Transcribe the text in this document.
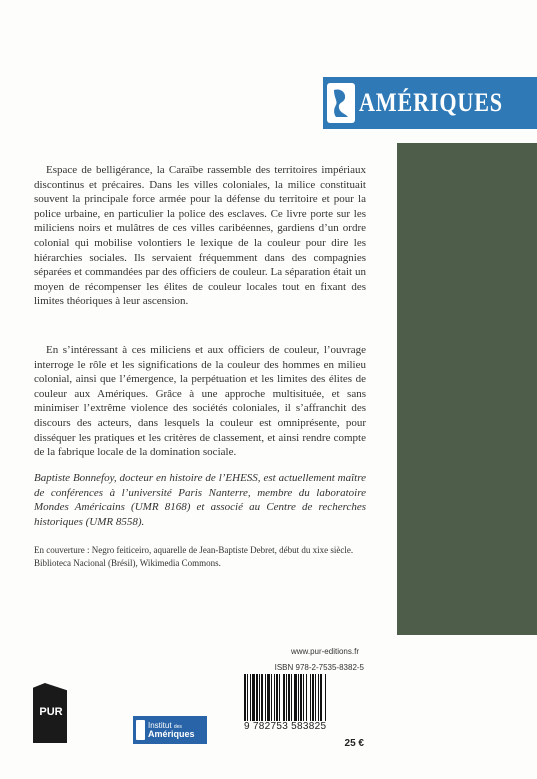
AMÉRIQUES

Espace de belligérance, la Caraïbe rassemble des territoires impériaux discontinus et précaires. Dans les villes coloniales, la milice constituait souvent la principale force armée pour la défense du territoire et pour la police urbaine, en particulier la police des esclaves. Ce livre porte sur les miliciens noirs et mulâtres de ces villes caribéennes, gardiens d’un ordre colonial qui mobilise volontiers le lexique de la couleur pour dire les hiérarchies sociales. Ils servaient fréquemment dans des compagnies séparées et commandées par des officiers de couleur. La séparation était un moyen de récompenser les élites de couleur locales tout en fixant des limites théoriques à leur ascension.

En s’intéressant à ces miliciens et aux officiers de couleur, l’ouvrage interroge le rôle et les significations de la couleur des hommes en milieu colonial, ainsi que l’émergence, la perpétuation et les limites des élites de couleur aux Amériques. Grâce à une approche multisituée, et sans minimiser l’extrême violence des sociétés coloniales, il s’affranchit des discours des acteurs, dans lesquels la couleur est omniprésente, pour disséquer les pratiques et les critères de classement, et ainsi rendre compte de la fabrique locale de la domination sociale.

Baptiste Bonnefoy, docteur en histoire de l’EHESS, est actuellement maître de conférences à l’université Paris Nanterre, membre du laboratoire Mondes Américains (UMR 8168) et associé au Centre de recherches historiques (UMR 8558).

En couverture : Negro feiticeiro, aquarelle de Jean-Baptiste Debret, début du xixe siècle.

Biblioteca Nacional (Brésil), Wikimedia Commons.

www.pur-editions.fr
ISBN 978-2-7535-8382-5
9 782753 583825
25 €
PUR
Institut des
Amériques
